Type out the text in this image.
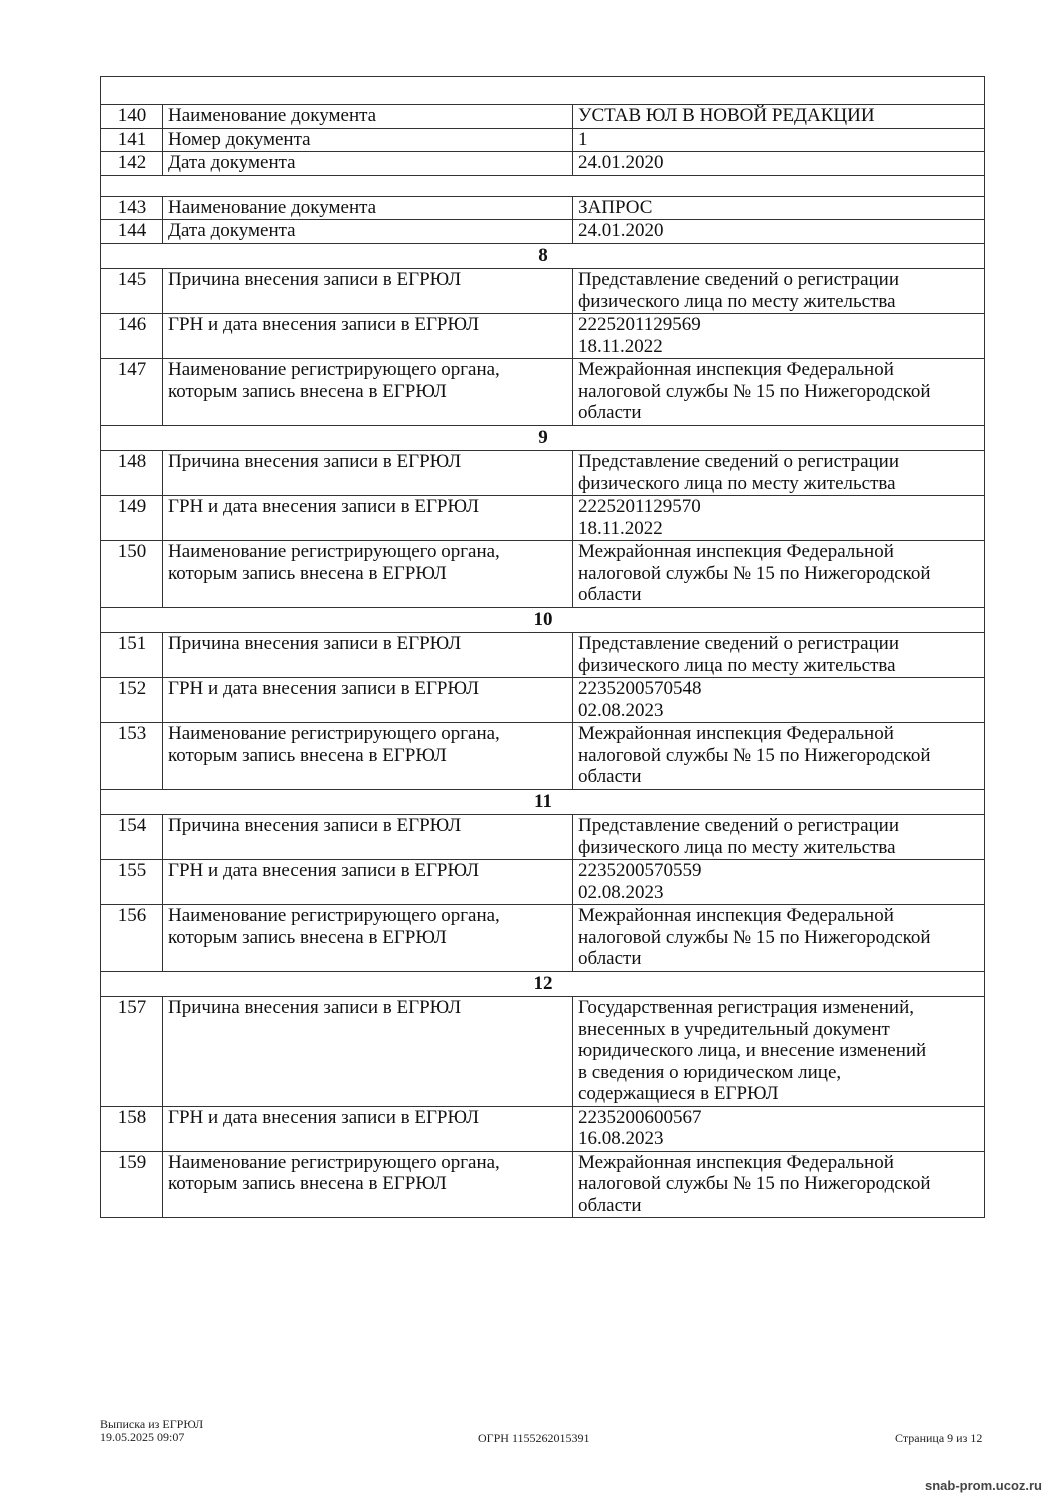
140	Наименование документа	УСТАВ ЮЛ В НОВОЙ РЕДАКЦИИ
141	Номер документа	1
142	Дата документа	24.01.2020

143	Наименование документа	ЗАПРОС
144	Дата документа	24.01.2020
8		
145	Причина внесения записи в ЕГРЮЛ	Представление сведений о регистрации
физического лица по месту жительства
146	ГРН и дата внесения записи в ЕГРЮЛ	2225201129569
18.11.2022
147	Наименование регистрирующего органа,
которым запись внесена в ЕГРЮЛ	Межрайонная инспекция Федеральной
налоговой службы № 15 по Нижегородской
области
9		
148	Причина внесения записи в ЕГРЮЛ	Представление сведений о регистрации
физического лица по месту жительства
149	ГРН и дата внесения записи в ЕГРЮЛ	2225201129570
18.11.2022
150	Наименование регистрирующего органа,
которым запись внесена в ЕГРЮЛ	Межрайонная инспекция Федеральной
налоговой службы № 15 по Нижегородской
области
10		
151	Причина внесения записи в ЕГРЮЛ	Представление сведений о регистрации
физического лица по месту жительства
152	ГРН и дата внесения записи в ЕГРЮЛ	2235200570548
02.08.2023
153	Наименование регистрирующего органа,
которым запись внесена в ЕГРЮЛ	Межрайонная инспекция Федеральной
налоговой службы № 15 по Нижегородской
области
11		
154	Причина внесения записи в ЕГРЮЛ	Представление сведений о регистрации
физического лица по месту жительства
155	ГРН и дата внесения записи в ЕГРЮЛ	2235200570559
02.08.2023
156	Наименование регистрирующего органа,
которым запись внесена в ЕГРЮЛ	Межрайонная инспекция Федеральной
налоговой службы № 15 по Нижегородской
области
12		
157	Причина внесения записи в ЕГРЮЛ	Государственная регистрация изменений,
внесенных в учредительный документ
юридического лица, и внесение изменений
в сведения о юридическом лице,
содержащиеся в ЕГРЮЛ
158	ГРН и дата внесения записи в ЕГРЮЛ	2235200600567
16.08.2023
159	Наименование регистрирующего органа,
которым запись внесена в ЕГРЮЛ	Межрайонная инспекция Федеральной
налоговой службы № 15 по Нижегородской
области
Выписка из ЕГРЮЛ
19.05.2025 09:07	ОГРН 1155262015391	Страница 9 из 12
snab-prom.ucoz.ru
